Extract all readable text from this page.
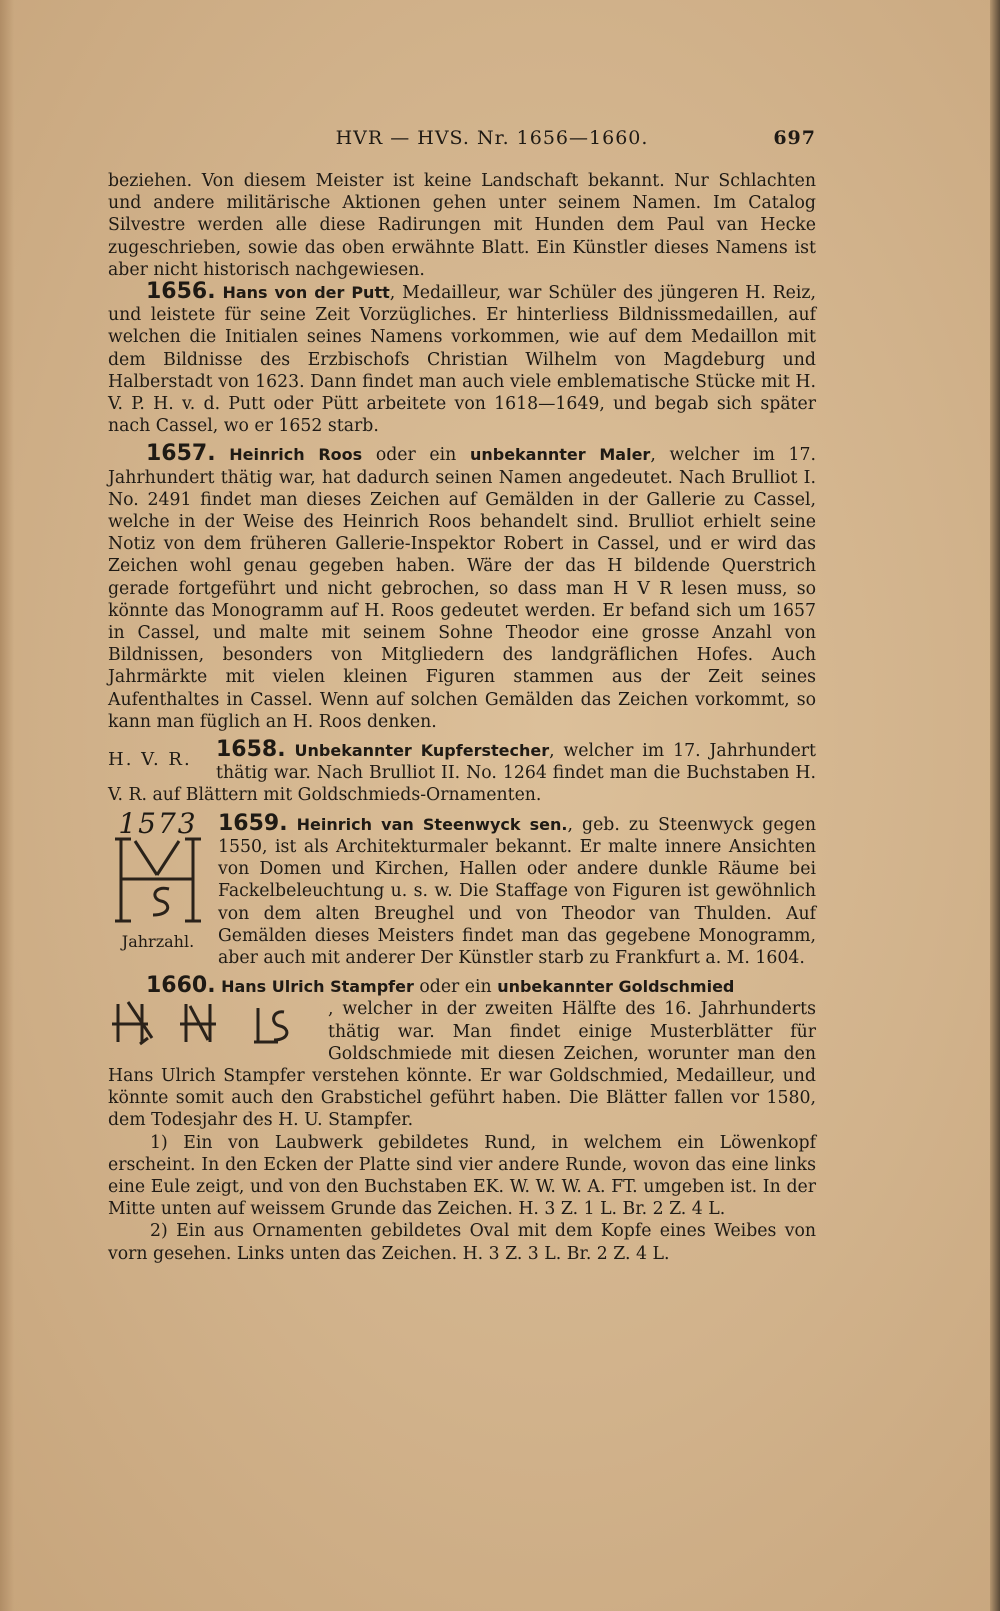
HVR — HVS. Nr. 1656—1660.	697

beziehen. Von diesem Meister ist keine Landschaft bekannt. Nur Schlachten und andere militärische Aktionen gehen unter seinem Namen. Im Catalog Silvestre werden alle diese Radirungen mit Hunden dem Paul van Hecke zugeschrieben, sowie das oben erwähnte Blatt. Ein Künstler dieses Namens ist aber nicht historisch nachgewiesen.

1656. Hans von der Putt, Medailleur, war Schüler des jüngeren H. Reiz, und leistete für seine Zeit Vorzügliches. Er hinterliess Bildnissmedaillen, auf welchen die Initialen seines Namens vorkommen, wie auf dem Medaillon mit dem Bildnisse des Erzbischofs Christian Wilhelm von Magdeburg und Halberstadt von 1623. Dann findet man auch viele emblematische Stücke mit H. V. P. H. v. d. Putt oder Pütt arbeitete von 1618—1649, und begab sich später nach Cassel, wo er 1652 starb.

1657. Heinrich Roos oder ein unbekannter Maler, welcher im 17. Jahrhundert thätig war, hat dadurch seinen Namen angedeutet. Nach Brulliot I. No. 2491 findet man dieses Zeichen auf Gemälden in der Gallerie zu Cassel, welche in der Weise des Heinrich Roos behandelt sind. Brulliot erhielt seine Notiz von dem früheren Gallerie-Inspektor Robert in Cassel, und er wird das Zeichen wohl genau gegeben haben. Wäre der das H bildende Querstrich gerade fortgeführt und nicht gebrochen, so dass man H V R lesen muss, so könnte das Monogramm auf H. Roos gedeutet werden. Er befand sich um 1657 in Cassel, und malte mit seinem Sohne Theodor eine grosse Anzahl von Bildnissen, besonders von Mitgliedern des landgräflichen Hofes. Auch Jahrmärkte mit vielen kleinen Figuren stammen aus der Zeit seines Aufenthaltes in Cassel. Wenn auf solchen Gemälden das Zeichen vorkommt, so kann man füglich an H. Roos denken.

H. V. R.	1658. Unbekannter Kupferstecher, welcher im 17. Jahrhundert thätig war. Nach Brulliot II. No. 1264 findet man die Buchstaben H. V. R. auf Blättern mit Goldschmieds-Ornamenten.

1573
Jahrzahl.

1659. Heinrich van Steenwyck sen., geb. zu Steenwyck gegen 1550, ist als Architekturmaler bekannt. Er malte innere Ansichten von Domen und Kirchen, Hallen oder andere dunkle Räume bei Fackelbeleuchtung u. s. w. Die Staffage von Figuren ist gewöhnlich von dem alten Breughel und von Theodor van Thulden. Auf Gemälden dieses Meisters findet man das gegebene Monogramm, aber auch mit anderer Der Künstler starb zu Frankfurt a. M. 1604.

1660. Hans Ulrich Stampfer oder ein unbekannter Goldschmied

, welcher in der zweiten Hälfte des 16. Jahrhunderts thätig war. Man findet einige Musterblätter für Goldschmiede mit diesen Zeichen, worunter man den Hans Ulrich Stampfer verstehen könnte. Er war Goldschmied, Medailleur, und könnte somit auch den Grabstichel geführt haben. Die Blätter fallen vor 1580, dem Todesjahr des H. U. Stampfer.

1) Ein von Laubwerk gebildetes Rund, in welchem ein Löwenkopf erscheint. In den Ecken der Platte sind vier andere Runde, wovon das eine links eine Eule zeigt, und von den Buchstaben EK. W. W. W. A. FT. umgeben ist. In der Mitte unten auf weissem Grunde das Zeichen. H. 3 Z. 1 L. Br. 2 Z. 4 L.

2) Ein aus Ornamenten gebildetes Oval mit dem Kopfe eines Weibes von vorn gesehen. Links unten das Zeichen. H. 3 Z. 3 L. Br. 2 Z. 4 L.
